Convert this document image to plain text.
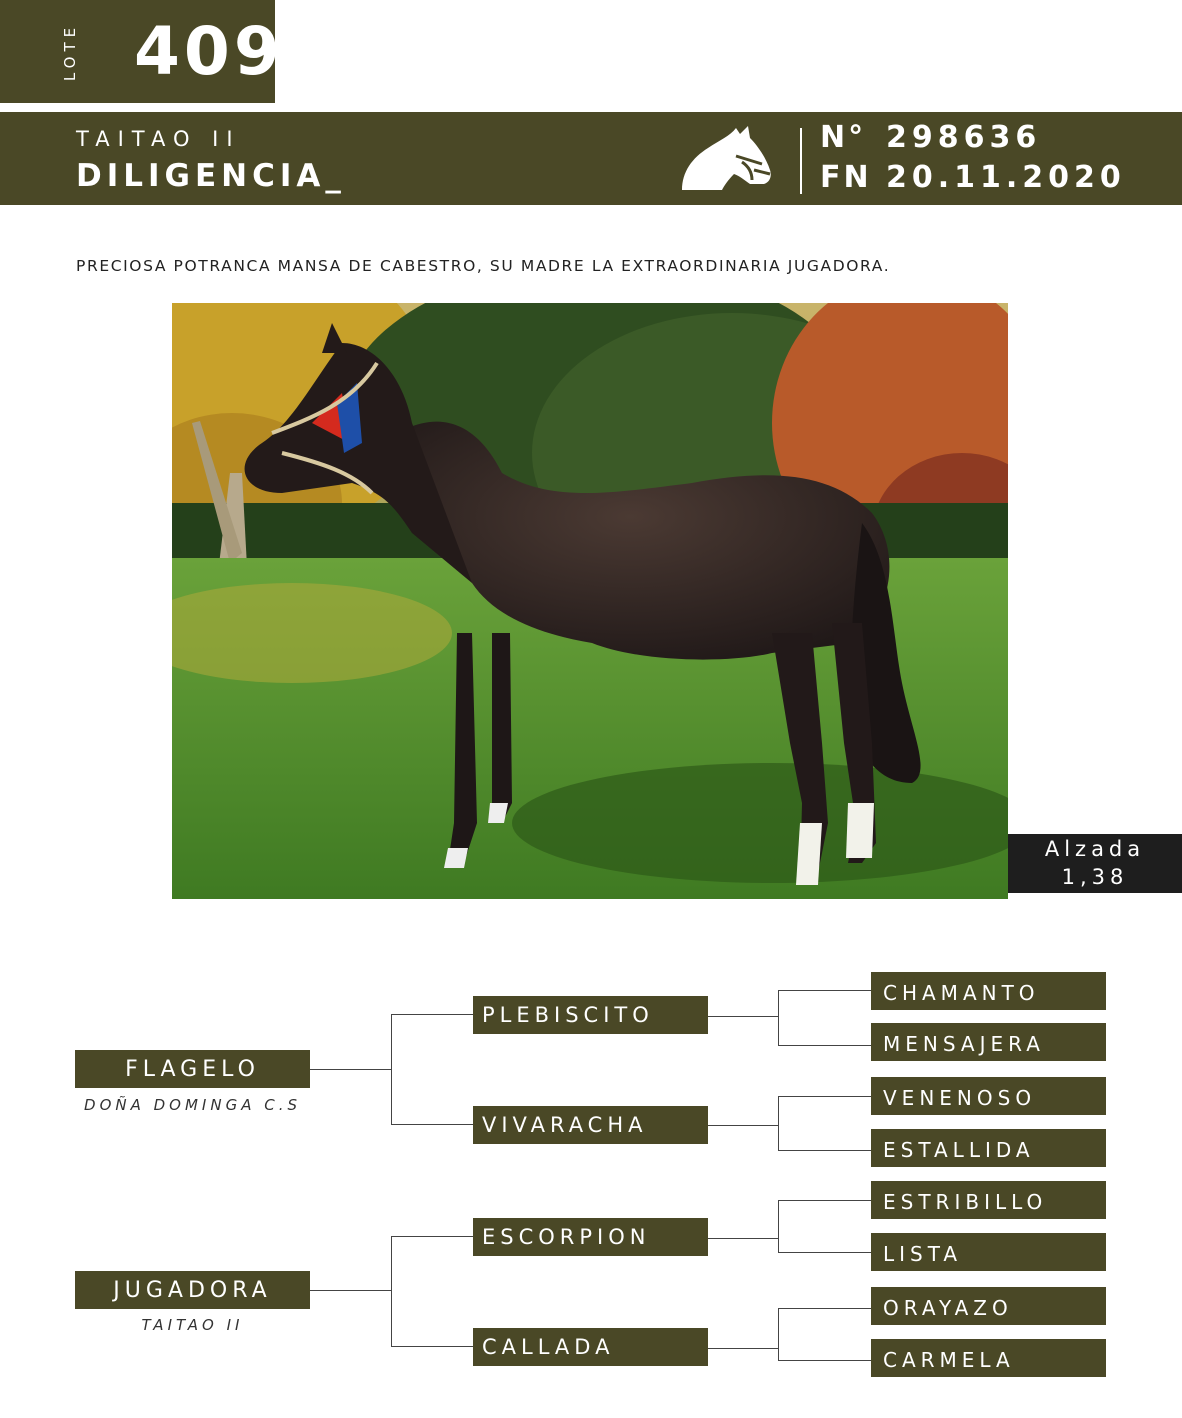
LOTE 409
TAITAO II
DILIGENCIA_
N° 298636
FN 20.11.2020
PRECIOSA POTRANCA MANSA DE CABESTRO, SU MADRE LA EXTRAORDINARIA JUGADORA.
Alzada
1,38
FLAGELO
DOÑA DOMINGA C.S
JUGADORA
TAITAO II
PLEBISCITO
VIVARACHA
ESCORPION
CALLADA
CHAMANTO
MENSAJERA
VENENOSO
ESTALLIDA
ESTRIBILLO
LISTA
ORAYAZO
CARMELA
